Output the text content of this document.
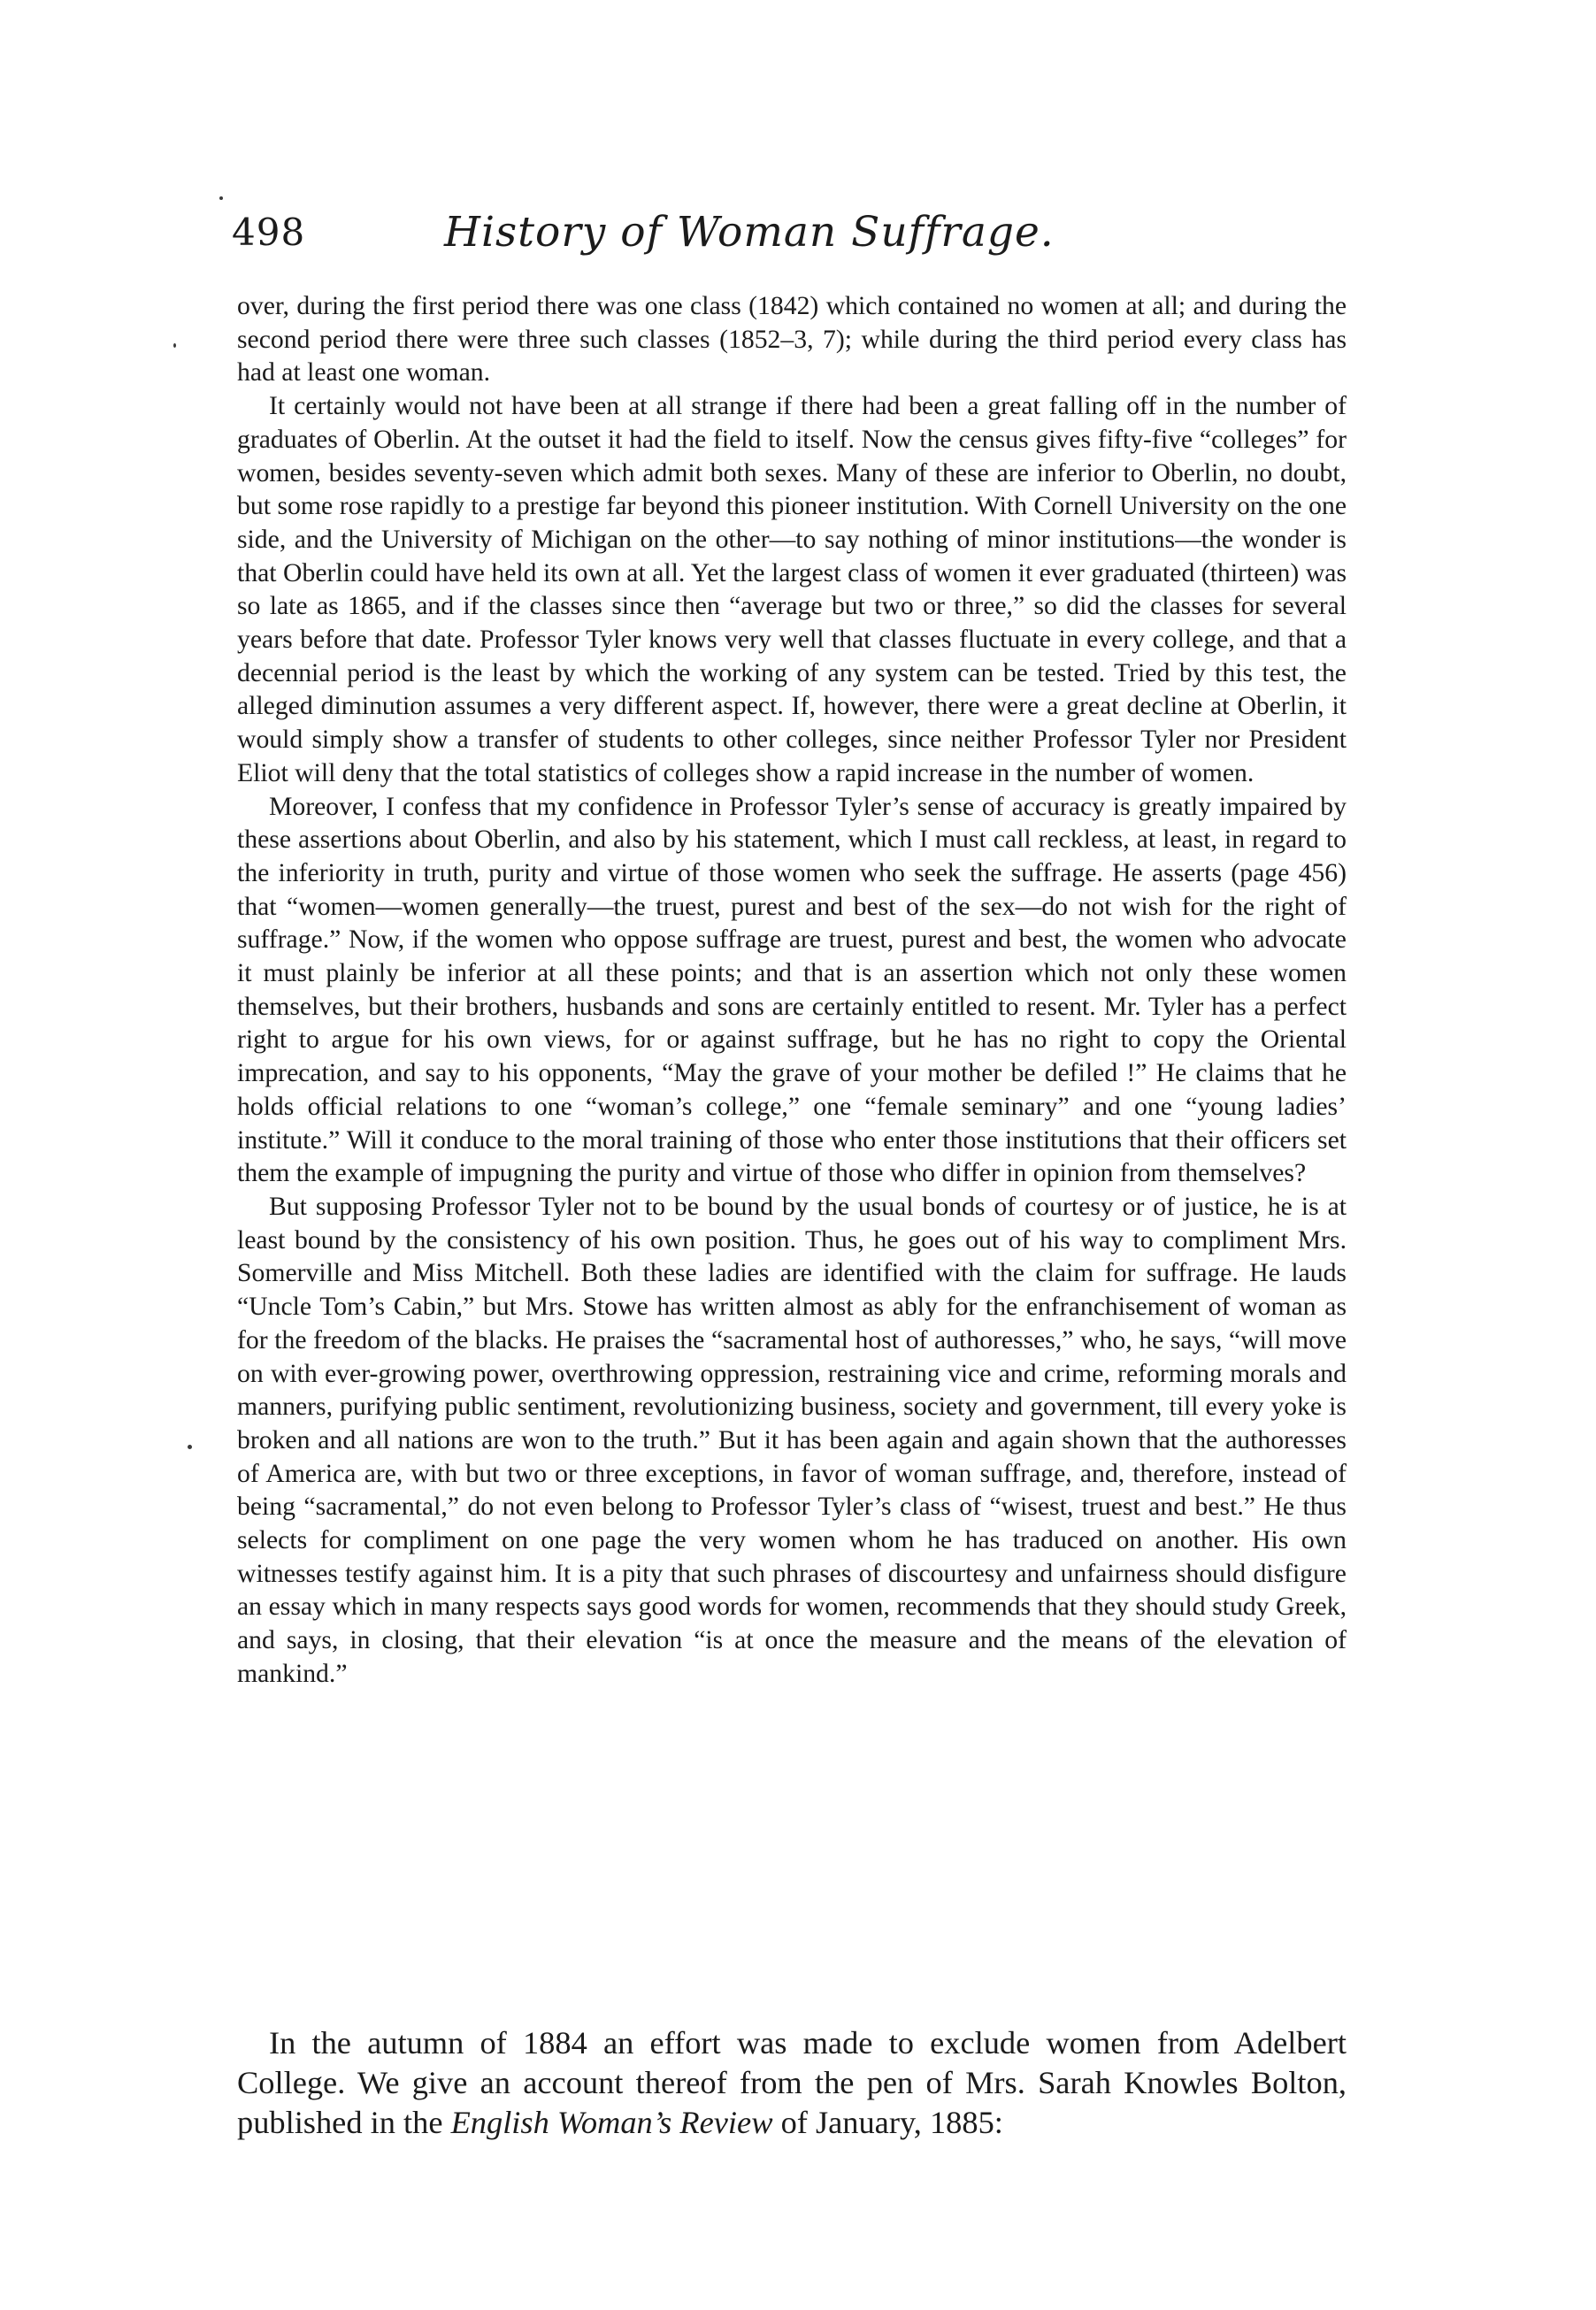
498	History of Woman Suffrage.

over, during the first period there was one class (1842) which contained no women at all; and during the second period there were three such classes (1852–3, 7); while during the third period every class has had at least one woman.

It certainly would not have been at all strange if there had been a great falling off in the number of graduates of Oberlin. At the outset it had the field to itself. Now the census gives fifty-five “colleges” for women, besides seventy-seven which admit both sexes. Many of these are inferior to Oberlin, no doubt, but some rose rapidly to a prestige far beyond this pioneer institution. With Cornell University on the one side, and the University of Michigan on the other—to say nothing of minor institutions—the wonder is that Oberlin could have held its own at all. Yet the largest class of women it ever graduated (thirteen) was so late as 1865, and if the classes since then “average but two or three,” so did the classes for several years before that date. Professor Tyler knows very well that classes fluctuate in every college, and that a decennial period is the least by which the working of any system can be tested. Tried by this test, the alleged diminution assumes a very different aspect. If, however, there were a great decline at Oberlin, it would simply show a transfer of students to other colleges, since neither Professor Tyler nor President Eliot will deny that the total statistics of colleges show a rapid increase in the number of women.

Moreover, I confess that my confidence in Professor Tyler’s sense of accuracy is greatly impaired by these assertions about Oberlin, and also by his statement, which I must call reckless, at least, in regard to the inferiority in truth, purity and virtue of those women who seek the suffrage. He asserts (page 456) that “women—women generally—the truest, purest and best of the sex—do not wish for the right of suffrage.” Now, if the women who oppose suffrage are truest, purest and best, the women who advocate it must plainly be inferior at all these points; and that is an assertion which not only these women themselves, but their brothers, husbands and sons are certainly entitled to resent. Mr. Tyler has a perfect right to argue for his own views, for or against suffrage, but he has no right to copy the Oriental imprecation, and say to his opponents, “May the grave of your mother be defiled !” He claims that he holds official relations to one “woman’s college,” one “female seminary” and one “young ladies’ institute.” Will it conduce to the moral training of those who enter those institutions that their officers set them the example of impugning the purity and virtue of those who differ in opinion from themselves?

But supposing Professor Tyler not to be bound by the usual bonds of courtesy or of justice, he is at least bound by the consistency of his own position. Thus, he goes out of his way to compliment Mrs. Somerville and Miss Mitchell. Both these ladies are identified with the claim for suffrage. He lauds “Uncle Tom’s Cabin,” but Mrs. Stowe has written almost as ably for the enfranchisement of woman as for the freedom of the blacks. He praises the “sacramental host of authoresses,” who, he says, “will move on with ever-growing power, overthrowing oppression, restraining vice and crime, reforming morals and manners, purifying public sentiment, revolutionizing business, society and government, till every yoke is broken and all nations are won to the truth.” But it has been again and again shown that the authoresses of America are, with but two or three exceptions, in favor of woman suffrage, and, therefore, instead of being “sacramental,” do not even belong to Professor Tyler’s class of “wisest, truest and best.” He thus selects for compliment on one page the very women whom he has traduced on another. His own witnesses testify against him. It is a pity that such phrases of discourtesy and unfairness should disfigure an essay which in many respects says good words for women, recommends that they should study Greek, and says, in closing, that their elevation “is at once the measure and the means of the elevation of mankind.”

In the autumn of 1884 an effort was made to exclude women from Adelbert College. We give an account thereof from the pen of Mrs. Sarah Knowles Bolton, published in the English Woman’s Review of January, 1885:
